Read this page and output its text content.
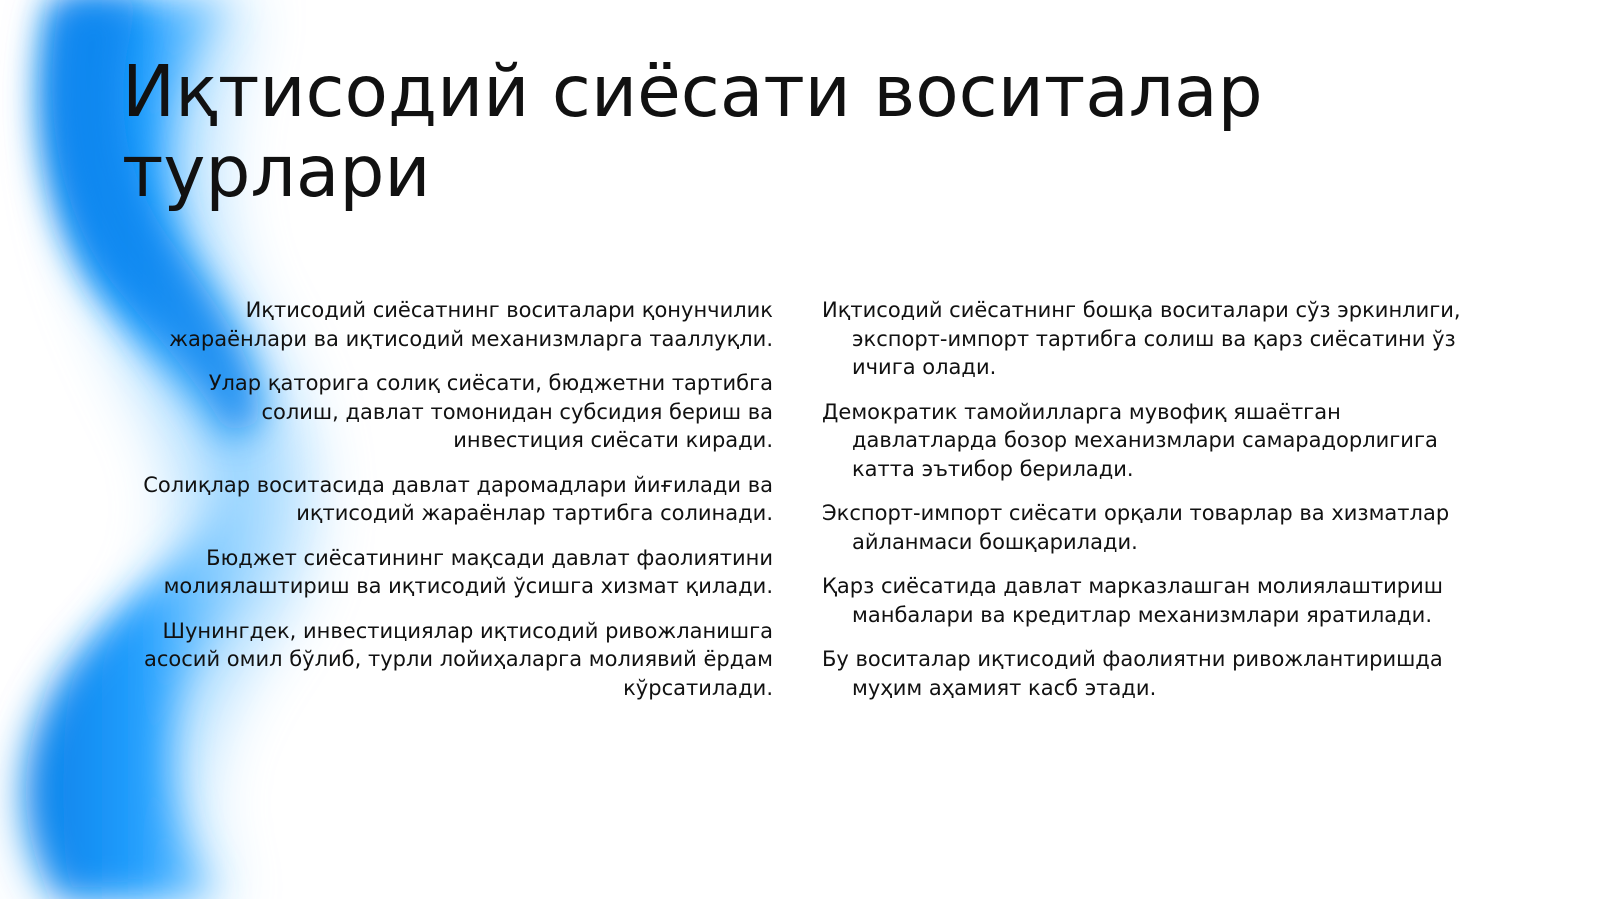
Иқтисодий сиёсати воситалар турлари

Иқтисодий сиёсатнинг воситалари қонунчилик жараёнлари ва иқтисодий механизмларга тааллуқли.

Улар қаторига солиқ сиёсати, бюджетни тартибга солиш, давлат томонидан субсидия бериш ва инвестиция сиёсати киради.

Солиқлар воситасида давлат даромадлари йиғилади ва иқтисодий жараёнлар тартибга солинади.

Бюджет сиёсатининг мақсади давлат фаолиятини молиялаштириш ва иқтисодий ўсишга хизмат қилади.

Шунингдек, инвестициялар иқтисодий ривожланишга асосий омил бўлиб, турли лойиҳаларга молиявий ёрдам кўрсатилади.

Иқтисодий сиёсатнинг бошқа воситалари сўз эркинлиги, экспорт-импорт тартибга солиш ва қарз сиёсатини ўз ичига олади.

Демократик тамойилларга мувофиқ яшаётган давлатларда бозор механизмлари самарадорлигига катта эътибор берилади.

Экспорт-импорт сиёсати орқали товарлар ва хизматлар айланмаси бошқарилади.

Қарз сиёсатида давлат марказлашган молиялаштириш манбалари ва кредитлар механизмлари яратилади.

Бу воситалар иқтисодий фаолиятни ривожлантиришда муҳим аҳамият касб этади.
